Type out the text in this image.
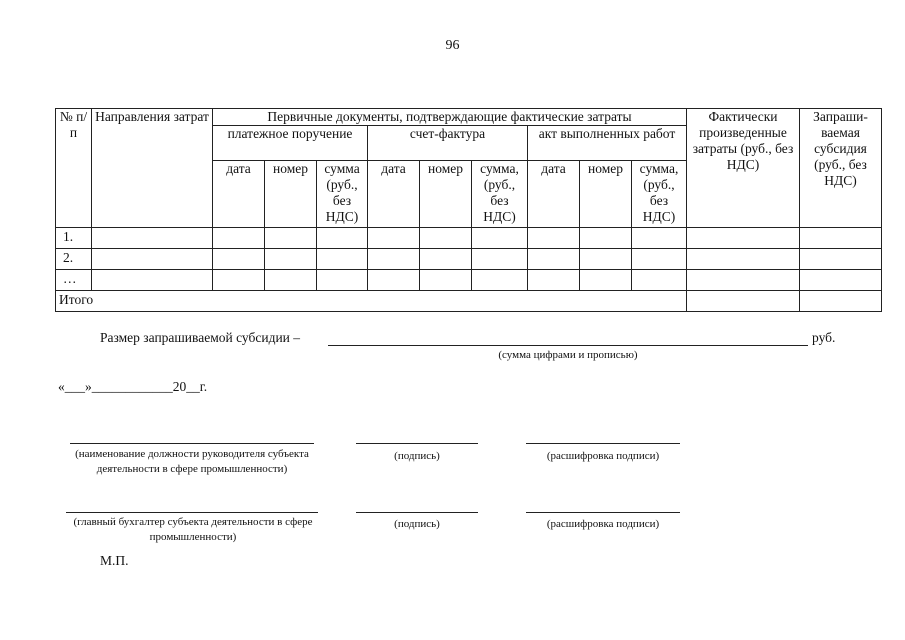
96
№ п/п	Направления затрат	Первичные документы, подтверждающие фактические затраты									Фактически произведенные затраты (руб., без НДС)	Запраши-ваемая субсидия (руб., без НДС)
		платежное поручение			счет-фактура			акт выполненных работ				
		дата	номер	сумма (руб., без НДС)	дата	номер	сумма, (руб., без НДС)	дата	номер	сумма, (руб., без НДС)		
1.												
2.												
…												
Итого												
Размер запрашиваемой субсидии –	руб.
(сумма цифрами и прописью)
«___»____________20__г.
(наименование должности руководителя субъекта деятельности в сфере промышленности)
(подпись)	(расшифровка подписи)
(главный бухгалтер субъекта деятельности в сфере промышленности)
(подпись)	(расшифровка подписи)
М.П.
